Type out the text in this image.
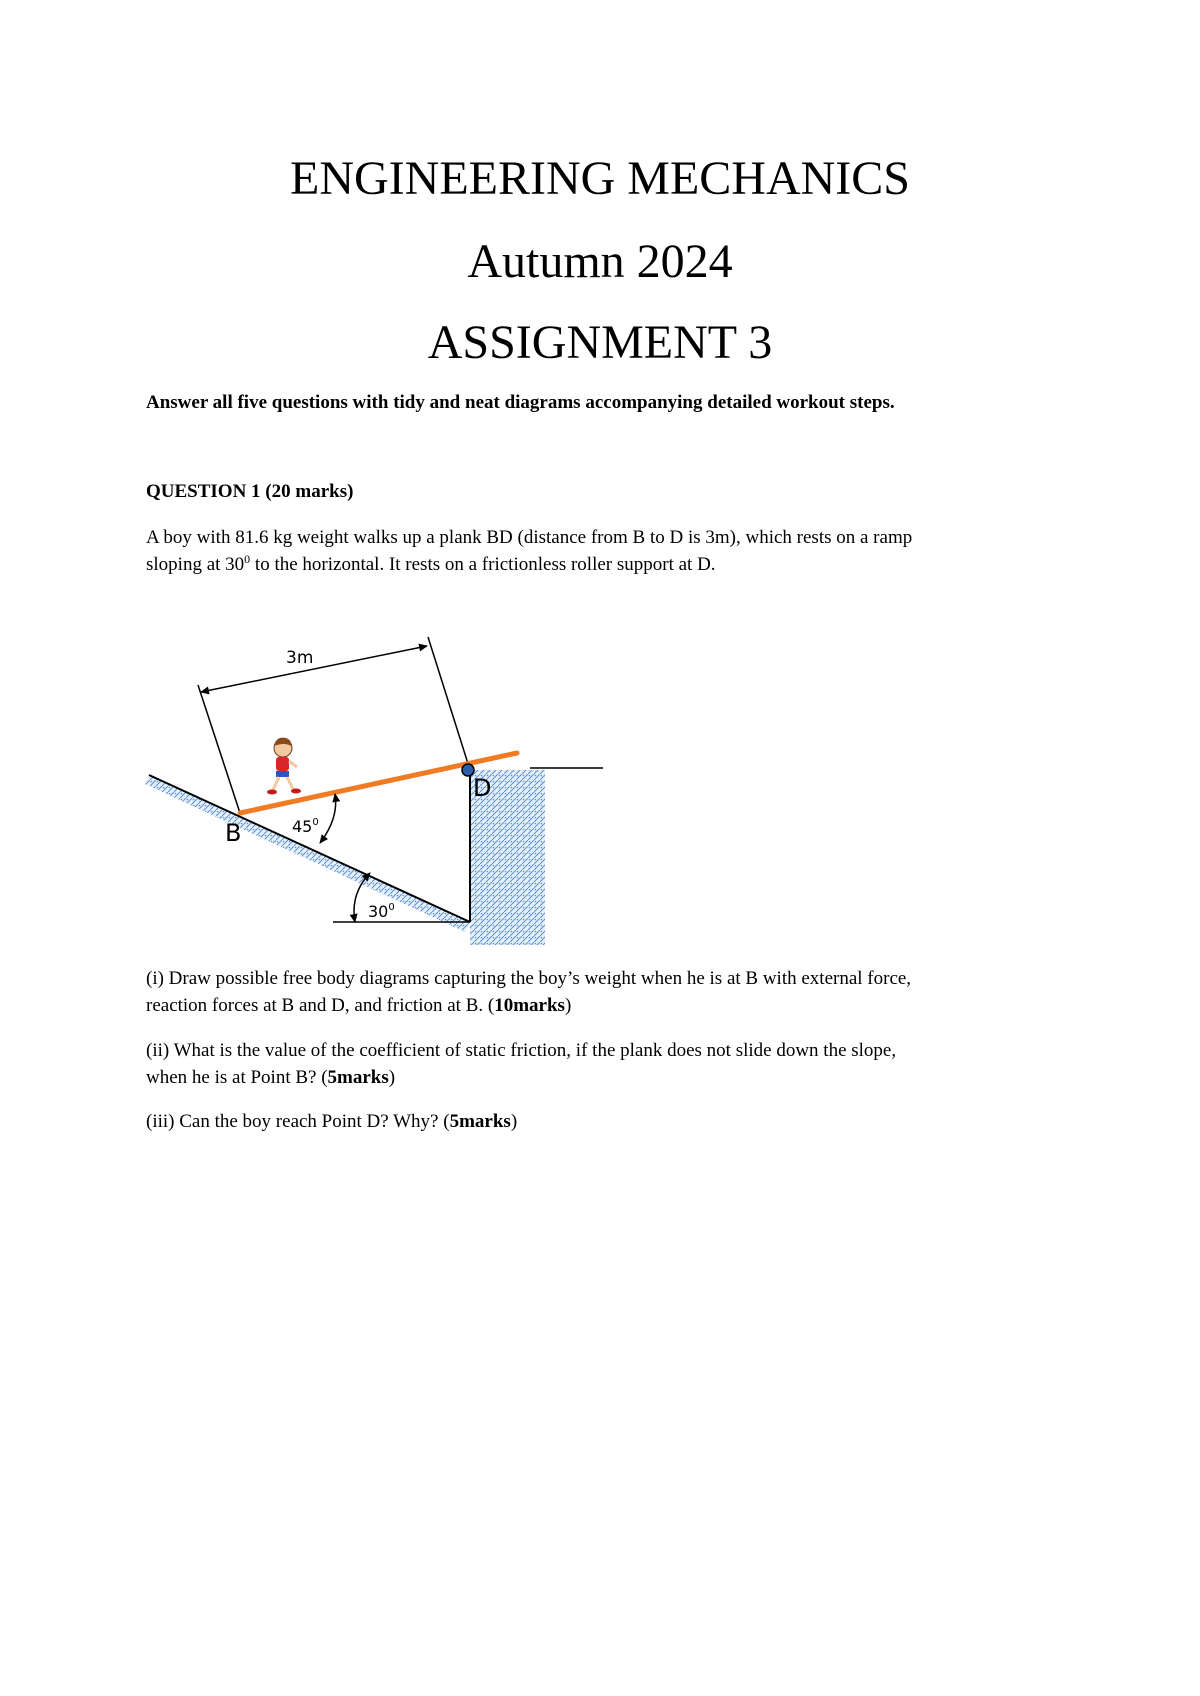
ENGINEERING MECHANICS
Autumn 2024
ASSIGNMENT 3
Answer all five questions with tidy and neat diagrams accompanying detailed workout steps.
QUESTION 1 (20 marks)
A boy with 81.6 kg weight walks up a plank BD (distance from B to D is 3m), which rests on a ramp
sloping at $30^0$ to the horizontal. It rests on a frictionless roller support at D.
3m
B
D
$45^0$
$30^0$
(i) Draw possible free body diagrams capturing the boy’s weight when he is at B with external force,
reaction forces at B and D, and friction at B. (10marks)
(ii) What is the value of the coefficient of static friction, if the plank does not slide down the slope,
when he is at Point B? (5marks)
(iii) Can the boy reach Point D? Why? (5marks)
